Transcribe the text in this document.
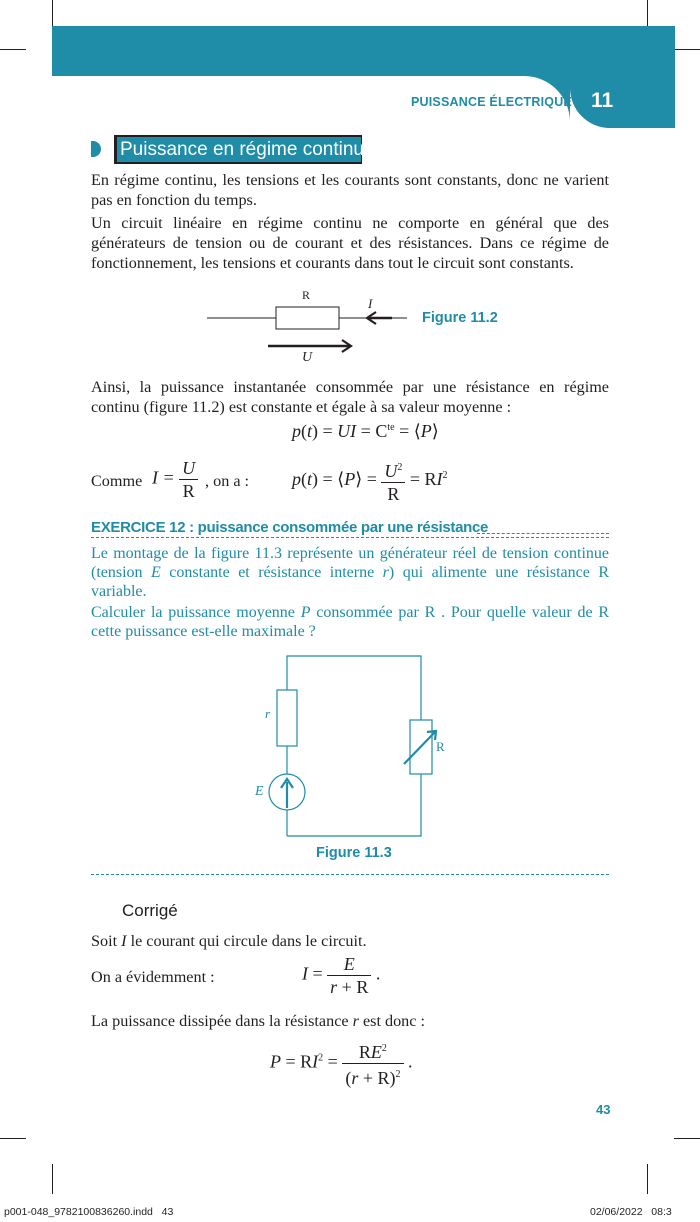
PUISSANCE ÉLECTRIQUE 11
Puissance en régime continu
En régime continu, les tensions et les courants sont constants, donc ne varient pas en fonction du temps.
Un circuit linéaire en régime continu ne comporte en général que des générateurs de tension ou de courant et des résistances. Dans ce régime de fonctionnement, les tensions et courants dans tout le circuit sont constants.
R
I
U
Figure 11.2
Ainsi, la puissance instantanée consommée par une résistance en régime continu (figure 11.2) est constante et égale à sa valeur moyenne :
p(t) = UI = $C^{te}$ = ⟨P⟩
Comme $I = \frac{U}{R}$ , on a : p(t) = ⟨P⟩ = $\frac{U^2}{R} = RI^2$
EXERCICE 12 : puissance consommée par une résistance
Le montage de la figure 11.3 représente un générateur réel de tension continue (tension E constante et résistance interne r) qui alimente une résistance R variable.
Calculer la puissance moyenne P consommée par R . Pour quelle valeur de R cette puissance est-elle maximale ?
r
E
R
Figure 11.3
Corrigé
Soit I le courant qui circule dans le circuit.
On a évidemment :	$I = \frac{E}{r + R}$ .
La puissance dissipée dans la résistance r est donc :
$P = RI^2 = \frac{RE^2}{(r + R)^2}$ .
43
p001-048_9782100836260.indd   43	02/06/2022   08:3
